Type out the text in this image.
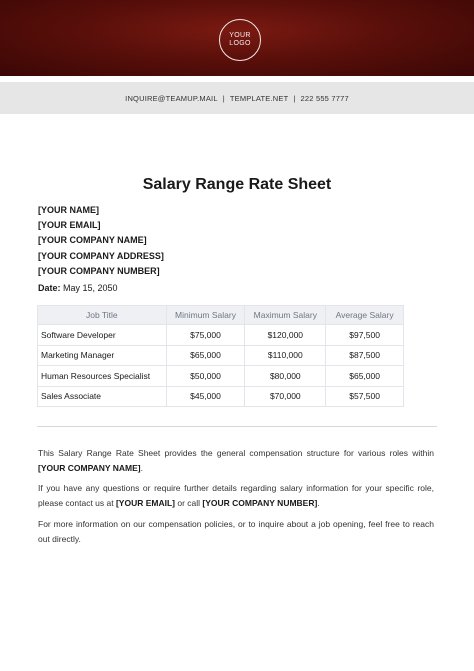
YOUR
LOGO
INQUIRE@TEAMUP.MAIL | TEMPLATE.NET | 222 555 7777
Salary Range Rate Sheet
[YOUR NAME]
[YOUR EMAIL]
[YOUR COMPANY NAME]
[YOUR COMPANY ADDRESS]
[YOUR COMPANY NUMBER]
Date: May 15, 2050
Job Title	Minimum Salary	Maximum Salary	Average Salary
Software Developer	$75,000	$120,000	$97,500
Marketing Manager	$65,000	$110,000	$87,500
Human Resources Specialist	$50,000	$80,000	$65,000
Sales Associate	$45,000	$70,000	$57,500

This Salary Range Rate Sheet provides the general compensation structure for various roles within [YOUR COMPANY NAME].

If you have any questions or require further details regarding salary information for your specific role, please contact us at [YOUR EMAIL] or call [YOUR COMPANY NUMBER].

For more information on our compensation policies, or to inquire about a job opening, feel free to reach out directly.
